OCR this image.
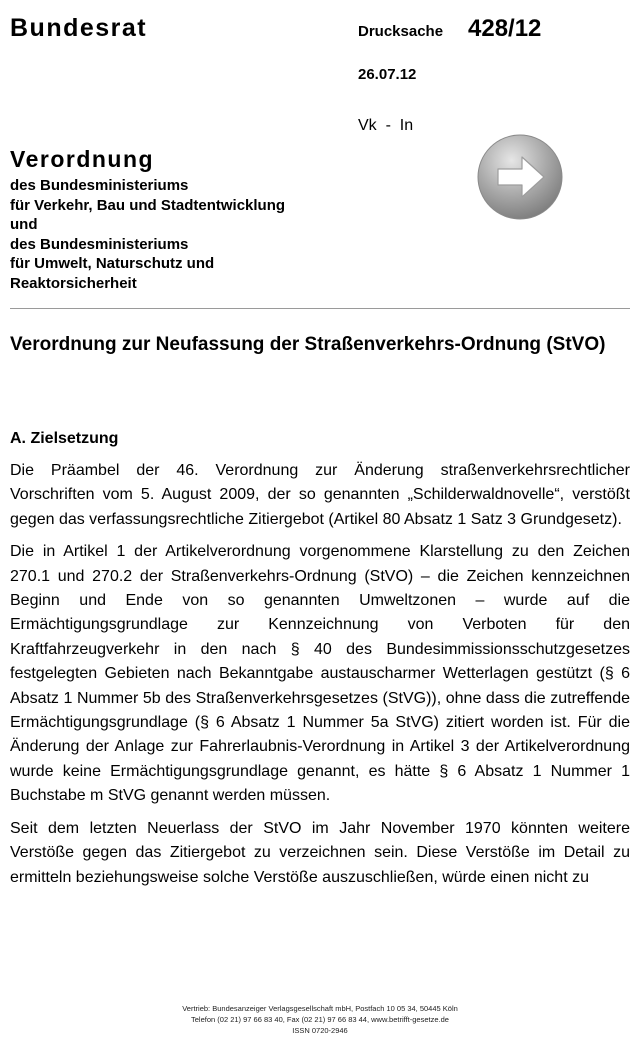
Bundesrat	Drucksache 428/12
26.07.12
Vk  -  In
Verordnung
des Bundesministeriums
für Verkehr, Bau und Stadtentwicklung
und
des Bundesministeriums
für Umwelt, Naturschutz und
Reaktorsicherheit
Verordnung zur Neufassung der Straßenverkehrs-Ordnung (StVO)
A. Zielsetzung

Die Präambel der 46. Verordnung zur Änderung straßenverkehrsrechtlicher Vorschriften vom 5. August 2009, der so genannten „Schilderwaldnovelle“, verstößt gegen das verfassungsrechtliche Zitiergebot (Artikel 80 Absatz 1 Satz 3 Grundgesetz).

Die in Artikel 1 der Artikelverordnung vorgenommene Klarstellung zu den Zeichen 270.1 und 270.2 der Straßenverkehrs-Ordnung (StVO) – die Zeichen kennzeichnen Beginn und Ende von so genannten Umweltzonen – wurde auf die Ermächtigungsgrundlage zur Kennzeichnung von Verboten für den Kraftfahrzeugverkehr in den nach § 40 des Bundesimmissionsschutzgesetzes festgelegten Gebieten nach Bekanntgabe austauscharmer Wetterlagen gestützt (§ 6 Absatz 1 Nummer 5b des Straßenverkehrsgesetzes (StVG)), ohne dass die zutreffende Ermächtigungsgrundlage (§ 6 Absatz 1 Nummer 5a StVG) zitiert worden ist. Für die Änderung der Anlage zur Fahrerlaubnis-Verordnung in Artikel 3 der Artikelverordnung wurde keine Ermächtigungsgrundlage genannt, es hätte § 6 Absatz 1 Nummer 1 Buchstabe m StVG genannt werden müssen.

Seit dem letzten Neuerlass der StVO im Jahr November 1970 könnten weitere Verstöße gegen das Zitiergebot zu verzeichnen sein. Diese Verstöße im Detail zu ermitteln beziehungsweise solche Verstöße auszuschließen, würde einen nicht zu

Vertrieb: Bundesanzeiger Verlagsgesellschaft mbH, Postfach 10 05 34, 50445 Köln
Telefon (02 21) 97 66 83 40, Fax (02 21) 97 66 83 44, www.betrifft-gesetze.de
ISSN 0720-2946
